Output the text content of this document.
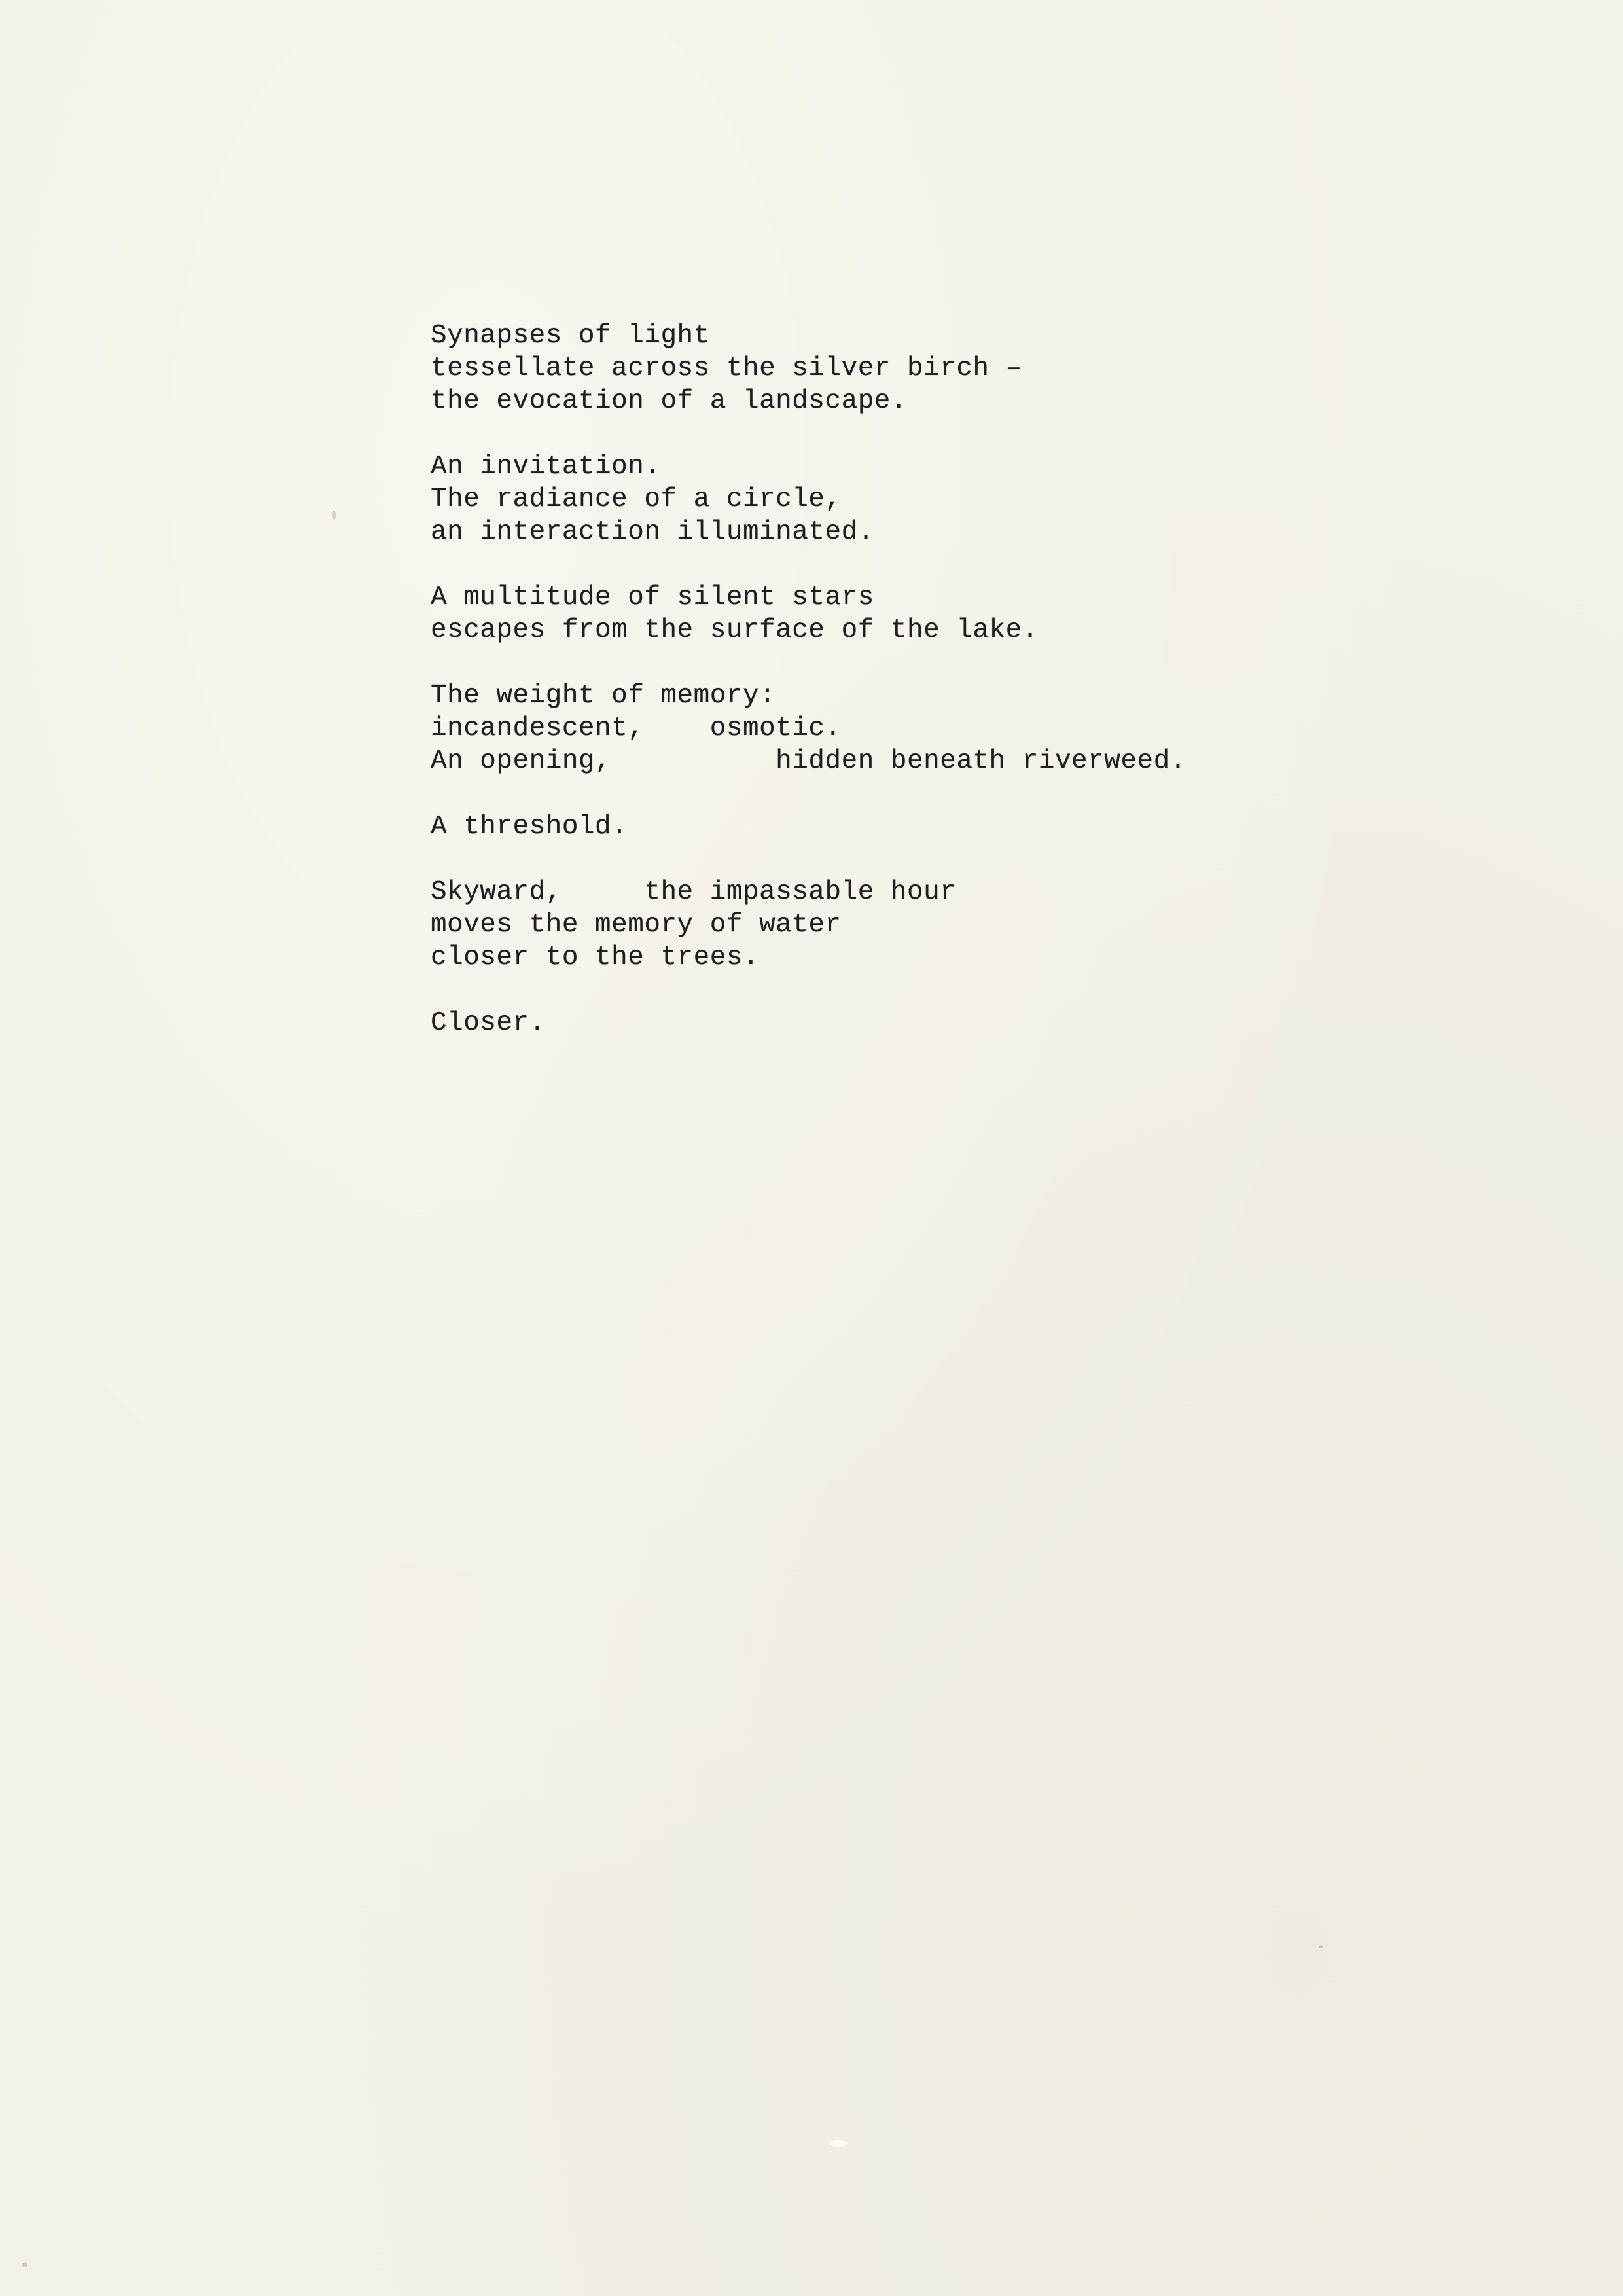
Synapses of light
tessellate across the silver birch –
the evocation of a landscape.
An invitation.
The radiance of a circle,
an interaction illuminated.
A multitude of silent stars
escapes from the surface of the lake.
The weight of memory:
incandescent,    osmotic.
An opening,          hidden beneath riverweed.
A threshold.
Skyward,     the impassable hour
moves the memory of water
closer to the trees.
Closer.
